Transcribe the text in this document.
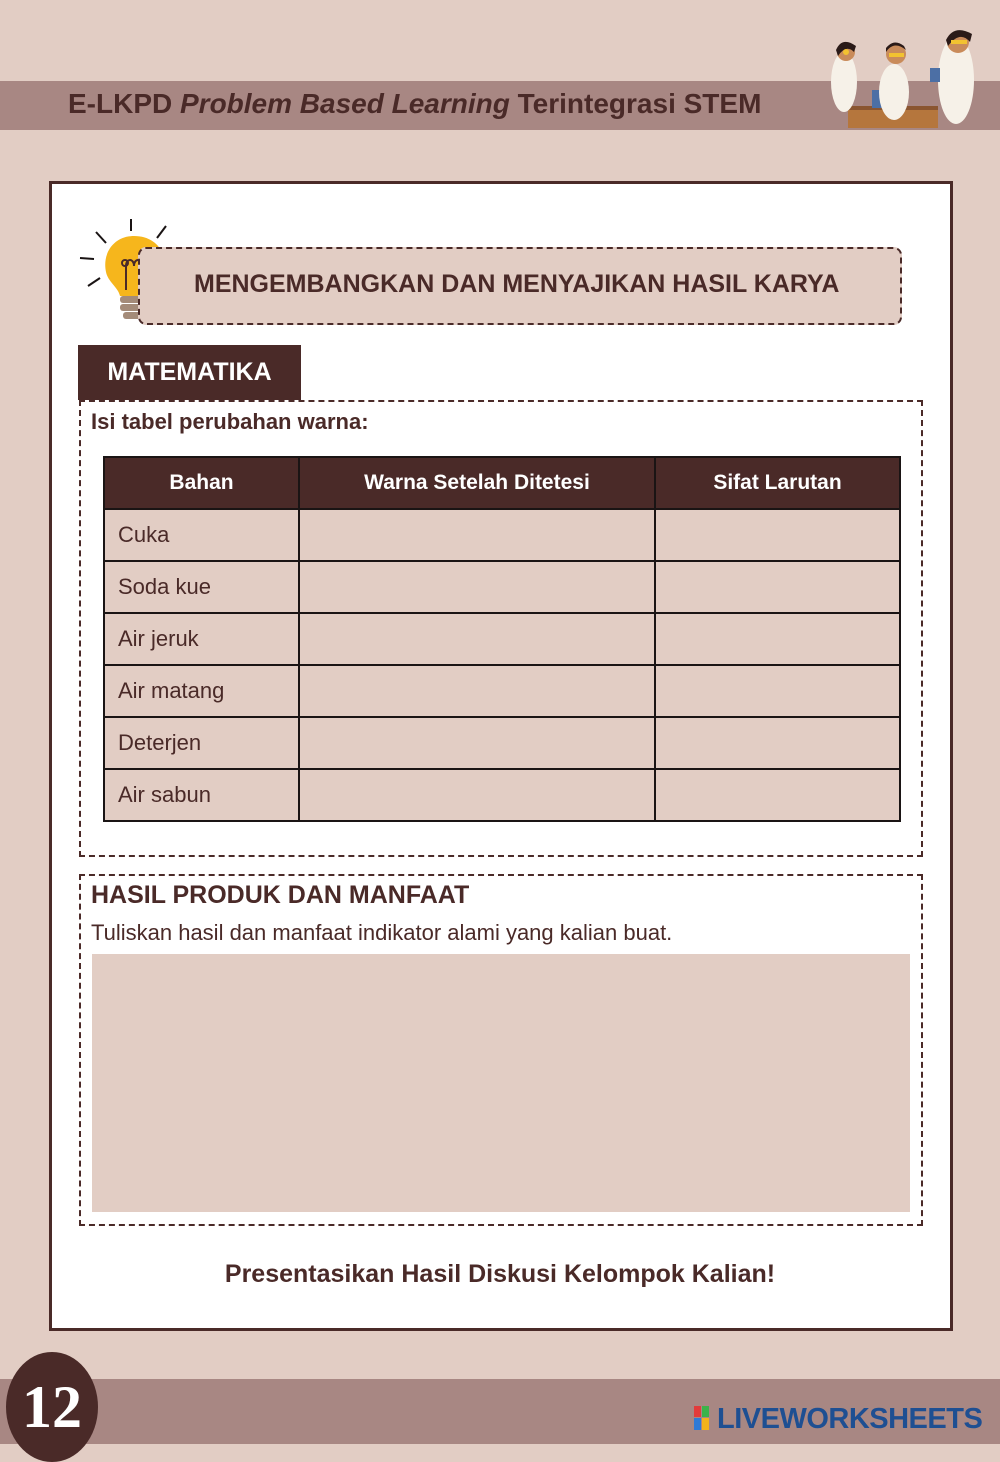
E-LKPD Problem Based Learning Terintegrasi STEM
MENGEMBANGKAN DAN MENYAJIKAN HASIL KARYA
MATEMATIKA
Isi tabel perubahan warna:
Bahan	Warna Setelah Ditetesi	Sifat Larutan
Cuka		
Soda kue		
Air jeruk		
Air matang		
Deterjen		
Air sabun		
HASIL PRODUK DAN MANFAAT
Tuliskan hasil dan manfaat indikator alami yang kalian buat.
Presentasikan Hasil Diskusi Kelompok Kalian!
12	LIVEWORKSHEETS
